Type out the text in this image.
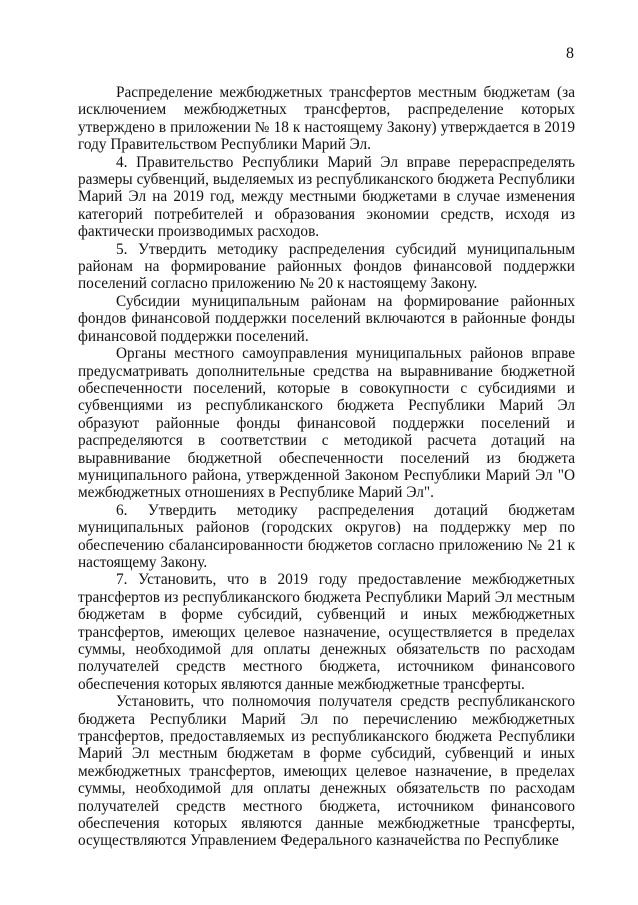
8

Распределение межбюджетных трансфертов местным бюджетам (за исключением межбюджетных трансфертов, распределение которых утверждено в приложении № 18 к настоящему Закону) утверждается в 2019 году Правительством Республики Марий Эл.

4. Правительство Республики Марий Эл вправе перераспределять размеры субвенций, выделяемых из республиканского бюджета Республики Марий Эл на 2019 год, между местными бюджетами в случае изменения категорий потребителей и образования экономии средств, исходя из фактически производимых расходов.

5. Утвердить методику распределения субсидий муниципальным районам на формирование районных фондов финансовой поддержки поселений согласно приложению № 20 к настоящему Закону.

Субсидии муниципальным районам на формирование районных фондов финансовой поддержки поселений включаются в районные фонды финансовой поддержки поселений.

Органы местного самоуправления муниципальных районов вправе предусматривать дополнительные средства на выравнивание бюджетной обеспеченности поселений, которые в совокупности с субсидиями и субвенциями из республиканского бюджета Республики Марий Эл образуют районные фонды финансовой поддержки поселений и распределяются в соответствии с методикой расчета дотаций на выравнивание бюджетной обеспеченности поселений из бюджета муниципального района, утвержденной Законом Республики Марий Эл "О межбюджетных отношениях в Республике Марий Эл".

6. Утвердить методику распределения дотаций бюджетам муниципальных районов (городских округов) на поддержку мер по обеспечению сбалансированности бюджетов согласно приложению № 21 к настоящему Закону.

7. Установить, что в 2019 году предоставление межбюджетных трансфертов из республиканского бюджета Республики Марий Эл местным бюджетам в форме субсидий, субвенций и иных межбюджетных трансфертов, имеющих целевое назначение, осуществляется в пределах суммы, необходимой для оплаты денежных обязательств по расходам получателей средств местного бюджета, источником финансового обеспечения которых являются данные межбюджетные трансферты.

Установить, что полномочия получателя средств республиканского бюджета Республики Марий Эл по перечислению межбюджетных трансфертов, предоставляемых из республиканского бюджета Республики Марий Эл местным бюджетам в форме субсидий, субвенций и иных межбюджетных трансфертов, имеющих целевое назначение, в пределах суммы, необходимой для оплаты денежных обязательств по расходам получателей средств местного бюджета, источником финансового обеспечения которых являются данные межбюджетные трансферты, осуществляются Управлением Федерального казначейства по Республике
